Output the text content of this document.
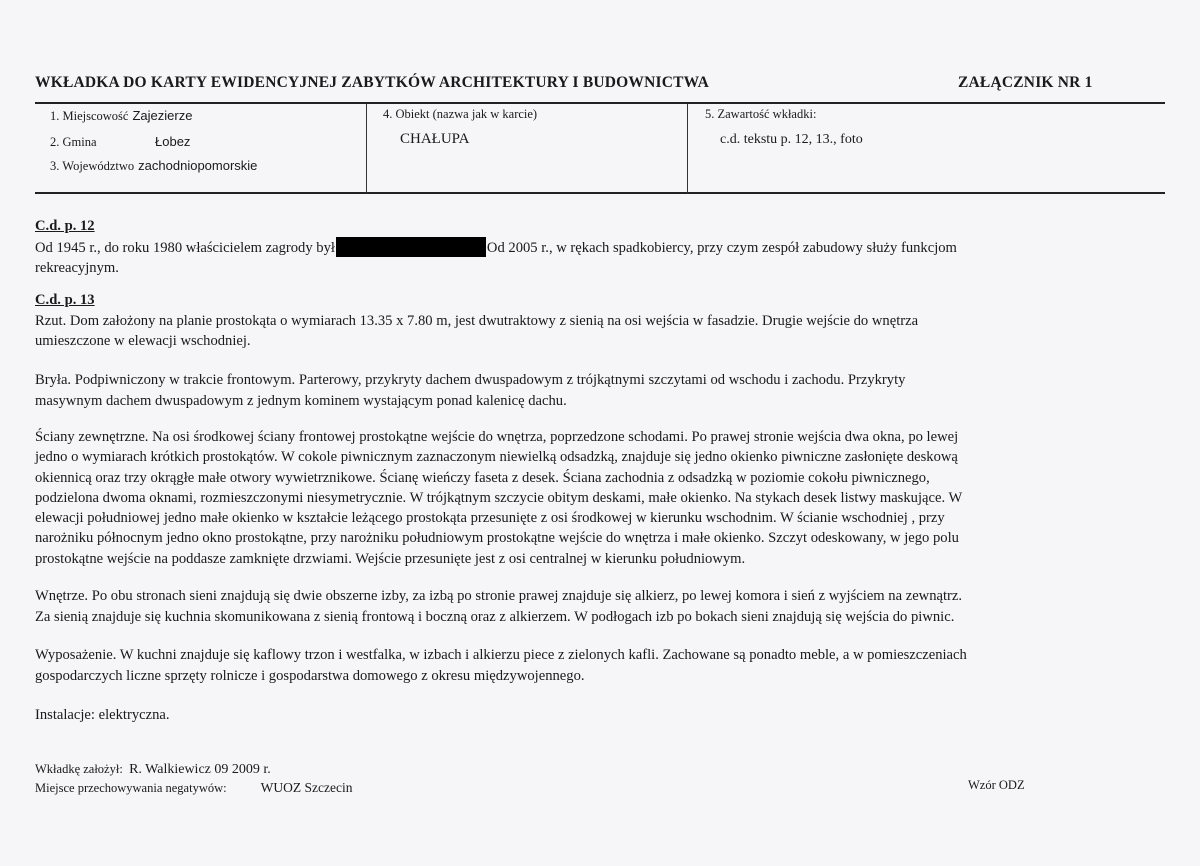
WKŁADKA DO KARTY EWIDENCYJNEJ ZABYTKÓW ARCHITEKTURY I BUDOWNICTWA	ZAŁĄCZNIK NR 1
1. Miejscowość Zajezierze
2. Gmina	Łobez
3. Województwo zachodniopomorskie
4. Obiekt (nazwa jak w karcie)
CHAŁUPA
5. Zawartość wkładki:
c.d. tekstu p. 12, 13., foto
C.d. p. 12
Od 1945 r., do roku 1980 właścicielem zagrody był	Od 2005 r., w rękach spadkobiercy, przy czym zespół zabudowy służy funkcjom
rekreacyjnym.
C.d. p. 13
Rzut. Dom założony na planie prostokąta o wymiarach 13.35 x 7.80 m, jest dwutraktowy z sienią na osi wejścia w fasadzie. Drugie wejście do wnętrza
umieszczone w elewacji wschodniej.
Bryła. Podpiwniczony w trakcie frontowym. Parterowy, przykryty dachem dwuspadowym z trójkątnymi szczytami od wschodu i zachodu. Przykryty
masywnym dachem dwuspadowym z jednym kominem wystającym ponad kalenicę dachu.
Ściany zewnętrzne. Na osi środkowej ściany frontowej prostokątne wejście do wnętrza, poprzedzone schodami. Po prawej stronie wejścia dwa okna, po lewej
jedno o wymiarach krótkich prostokątów. W cokole piwnicznym zaznaczonym niewielką odsadzką, znajduje się jedno okienko piwniczne zasłonięte deskową
okiennicą oraz trzy okrągłe małe otwory wywietrznikowe. Ścianę wieńczy faseta z desek. Ściana zachodnia z odsadzką w poziomie cokołu piwnicznego,
podzielona dwoma oknami, rozmieszczonymi niesymetrycznie. W trójkątnym szczycie obitym deskami, małe okienko. Na stykach desek listwy maskujące. W
elewacji południowej jedno małe okienko w kształcie leżącego prostokąta przesunięte z osi środkowej w kierunku wschodnim. W ścianie wschodniej , przy
narożniku północnym jedno okno prostokątne, przy narożniku południowym prostokątne wejście do wnętrza i małe okienko. Szczyt odeskowany, w jego polu
prostokątne wejście na poddasze zamknięte drzwiami. Wejście przesunięte jest z osi centralnej w kierunku południowym.
Wnętrze. Po obu stronach sieni znajdują się dwie obszerne izby, za izbą po stronie prawej znajduje się alkierz, po lewej komora i sień z wyjściem na zewnątrz.
Za sienią znajduje się kuchnia skomunikowana z sienią frontową i boczną oraz z alkierzem. W podłogach izb po bokach sieni znajdują się wejścia do piwnic.
Wyposażenie. W kuchni znajduje się kaflowy trzon i westfalka, w izbach i alkierzu piece z zielonych kafli. Zachowane są ponadto meble, a w pomieszczeniach
gospodarczych liczne sprzęty rolnicze i gospodarstwa domowego z okresu międzywojennego.
Instalacje: elektryczna.
Wkładkę założył: R. Walkiewicz 09 2009 r.
Miejsce przechowywania negatywów:	WUOZ Szczecin	Wzór ODZ
